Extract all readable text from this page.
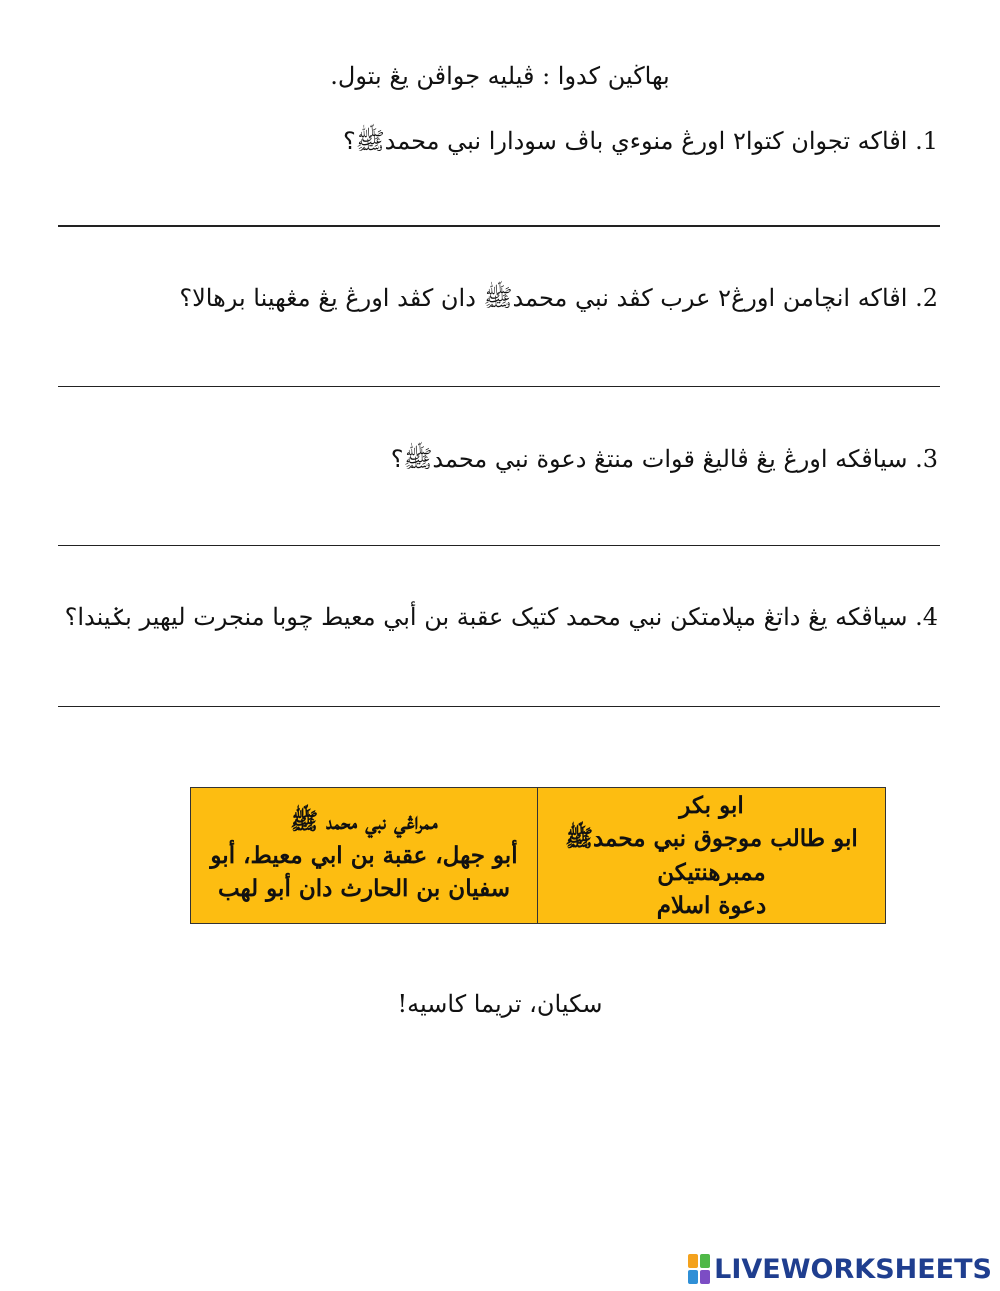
بهاڬين كدوا : ڤيليه جواڤن يڠ بتول.
1. اڤاكه تجوان كتوا٢ اورڠ منوءي باڤ سودارا نبي محمدﷺ؟
2. اڤاكه انچامن اورڠ٢ عرب كڤد نبي محمدﷺ دان كڤد اورڠ يڠ مڠهينا برهالا؟
3. سياڤكه اورڠ يڠ ڤاليڠ قوات منتڠ دعوة نبي محمدﷺ؟
4. سياڤكه يڠ داتڠ مپلامتكن نبي محمد كتيک عقبة بن أبي معيط چوبا منجرت ليهير بݢيندا؟
ابو بكر
ابو طالب موجوق نبي محمدﷺ ممبرهنتيكن
دعوة اسلام
ممراڠي نبي محمد ﷺ
أبو جهل، عقبة بن ابي معيط، أبو
سفيان بن الحارث دان أبو لهب
سكيان، تريما كاسيه!
LIVEWORKSHEETS
